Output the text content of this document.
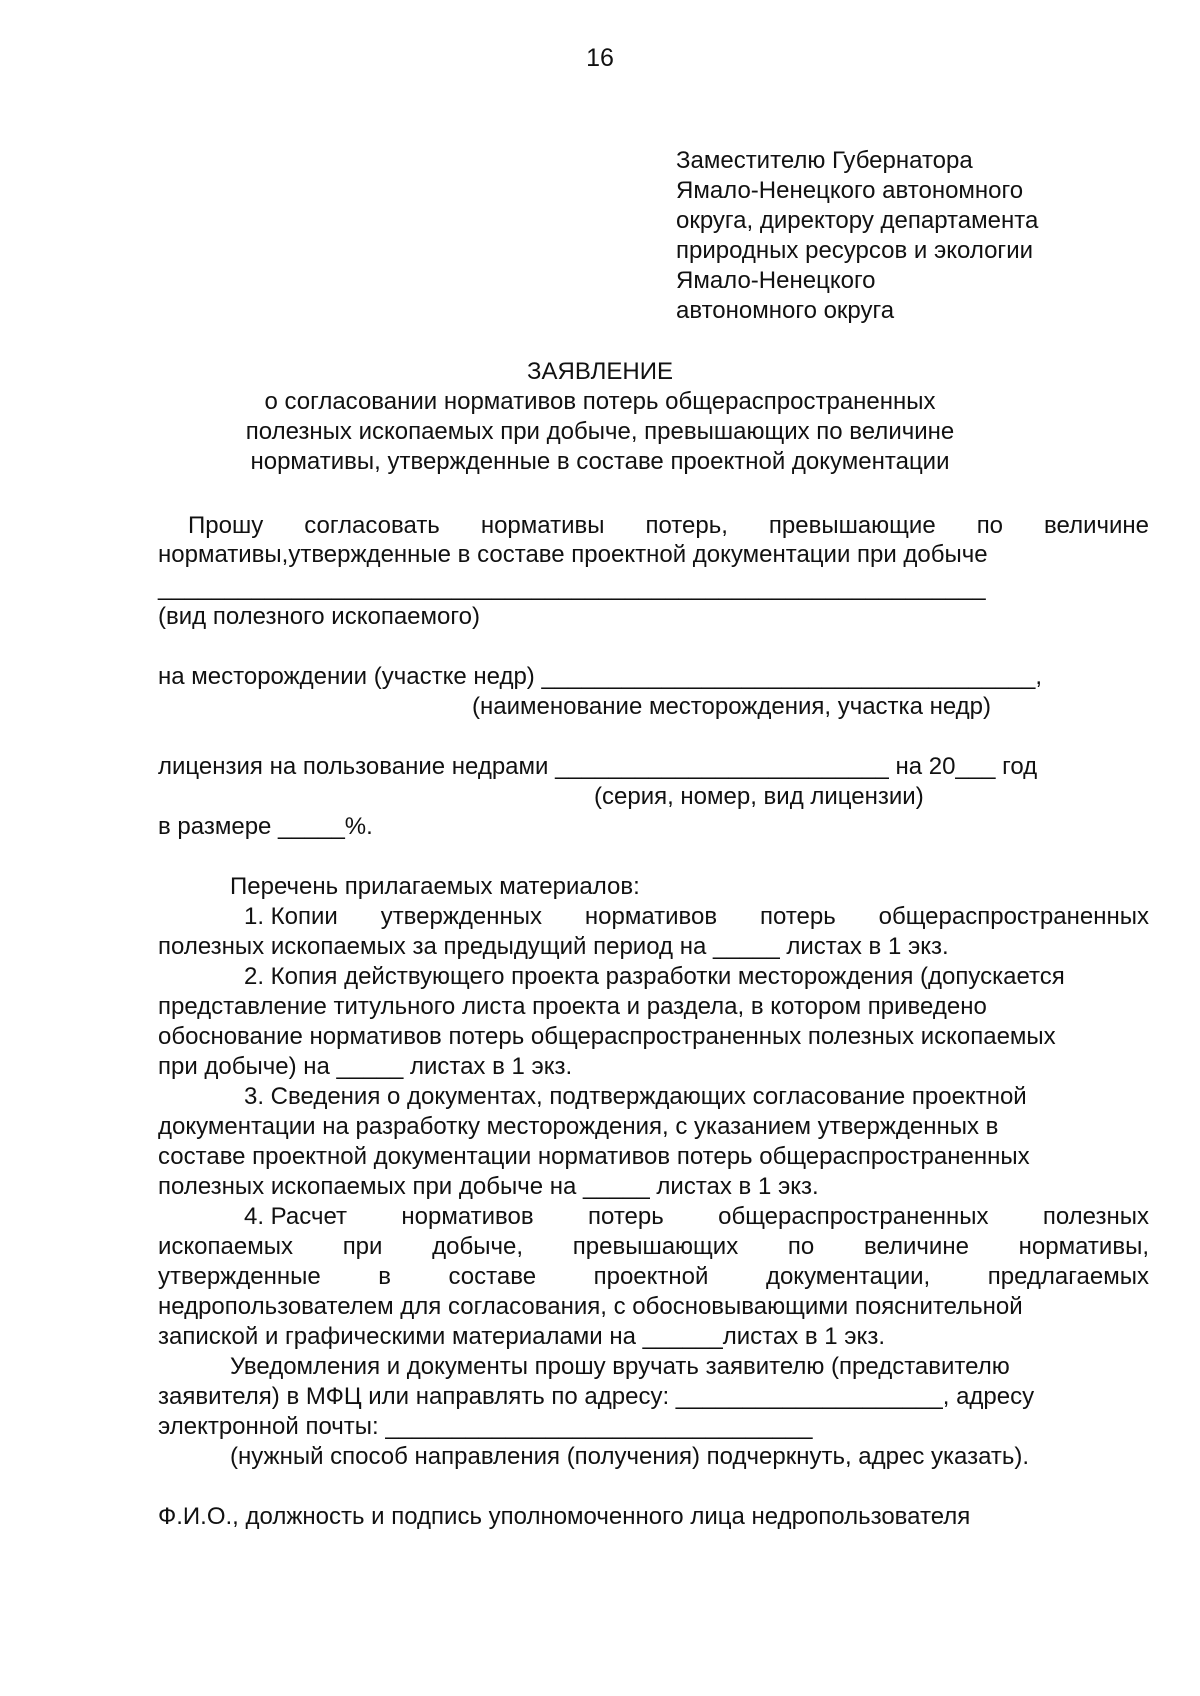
16
Заместителю Губернатора
Ямало-Ненецкого автономного
округа, директору департамента
природных ресурсов и экологии
Ямало-Ненецкого
автономного округа
ЗАЯВЛЕНИЕ
о согласовании нормативов потерь общераспространенных
полезных ископаемых при добыче, превышающих по величине
нормативы, утвержденные в составе проектной документации
Прошу согласовать нормативы потерь, превышающие по величине
нормативы,утвержденные в составе проектной документации при добыче
______________________________________________________________
(вид полезного ископаемого)
на месторождении (участке недр) _____________________________________,
(наименование месторождения, участка недр)
лицензия на пользование недрами _________________________ на 20___ год
(серия, номер, вид лицензии)
в размере _____%.
Перечень прилагаемых материалов:
1. Копии утвержденных нормативов потерь общераспространенных
полезных ископаемых за предыдущий период на _____ листах в 1 экз.
2. Копия действующего проекта разработки месторождения (допускается
представление титульного листа проекта и раздела, в котором приведено
обоснование нормативов потерь общераспространенных полезных ископаемых
при добыче) на _____ листах в 1 экз.
3. Сведения о документах, подтверждающих согласование проектной
документации на разработку месторождения, с указанием утвержденных в
составе проектной документации нормативов потерь общераспространенных
полезных ископаемых при добыче на _____ листах в 1 экз.
4. Расчет нормативов потерь общераспространенных полезных
ископаемых при добыче, превышающих по величине нормативы,
утвержденные в составе проектной документации, предлагаемых
недропользователем для согласования, с обосновывающими пояснительной
запиской и графическими материалами на ______листах в 1 экз.
Уведомления и документы прошу вручать заявителю (представителю
заявителя) в МФЦ или направлять по адресу: ____________________, адресу
электронной почты: ________________________________
(нужный способ направления (получения) подчеркнуть, адрес указать).
Ф.И.О., должность и подпись уполномоченного лица недропользователя
